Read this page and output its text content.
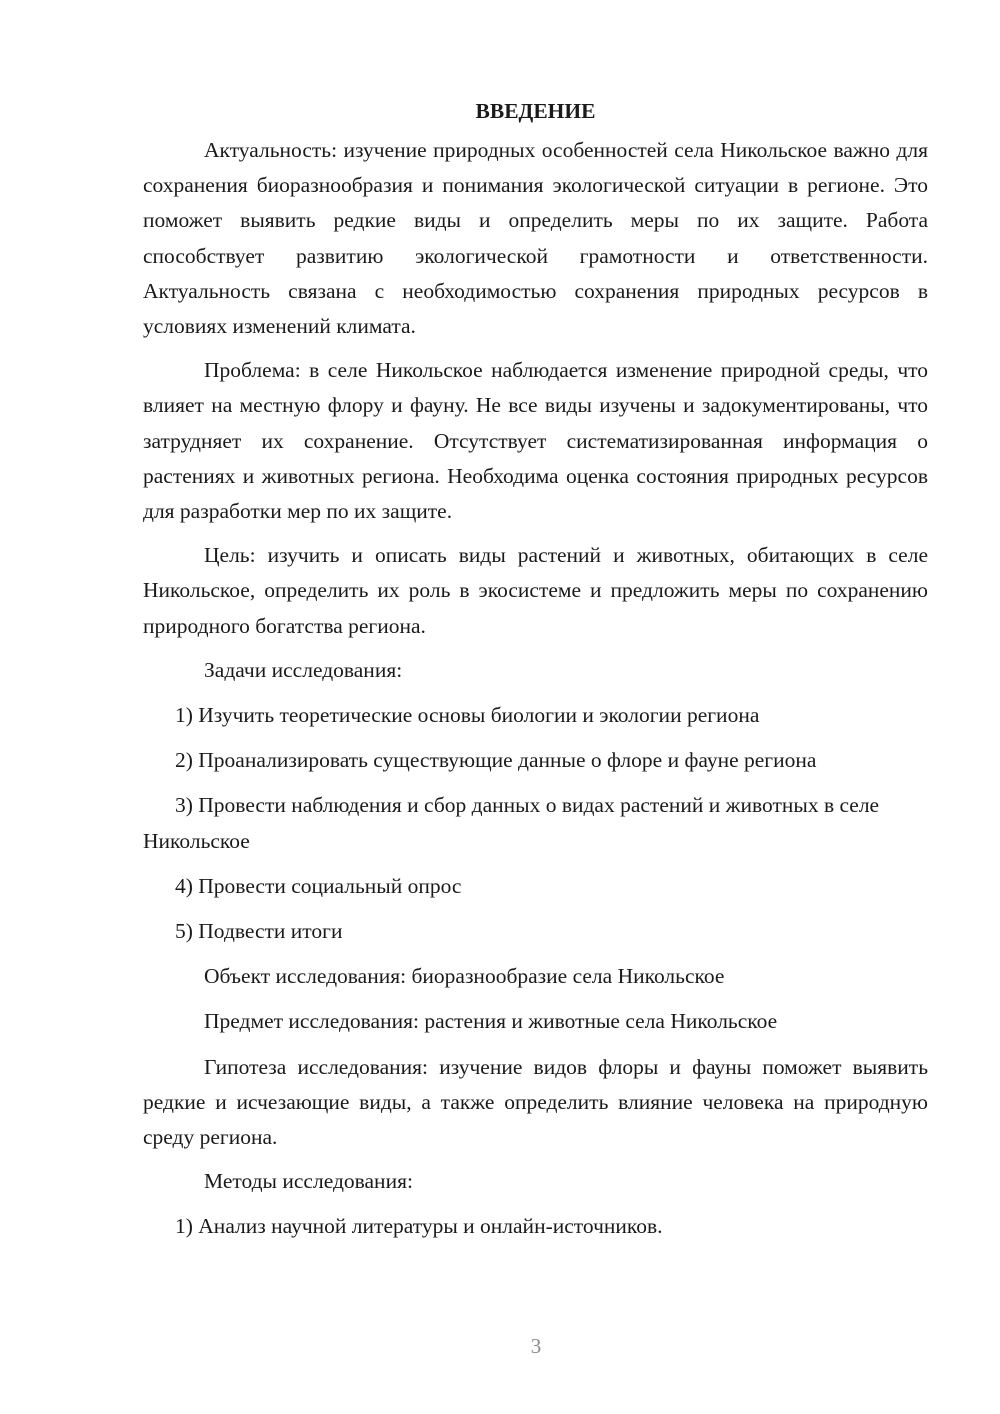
ВВЕДЕНИЕ

Актуальность: изучение природных особенностей села Никольское важно для сохранения биоразнообразия и понимания экологической ситуации в регионе. Это поможет выявить редкие виды и определить меры по их защите. Работа способствует развитию экологической грамотности и ответственности. Актуальность связана с необходимостью сохранения природных ресурсов в условиях изменений климата.

Проблема: в селе Никольское наблюдается изменение природной среды, что влияет на местную флору и фауну. Не все виды изучены и задокументированы, что затрудняет их сохранение. Отсутствует систематизированная информация о растениях и животных региона. Необходима оценка состояния природных ресурсов для разработки мер по их защите.

Цель: изучить и описать виды растений и животных, обитающих в селе Никольское, определить их роль в экосистеме и предложить меры по сохранению природного богатства региона.

Задачи исследования:

1) Изучить теоретические основы биологии и экологии региона

2) Проанализировать существующие данные о флоре и фауне региона

3) Провести наблюдения и сбор данных о видах растений и животных в селе Никольское

4) Провести социальный опрос

5) Подвести итоги

Объект исследования: биоразнообразие села Никольское

Предмет исследования: растения и животные села Никольское

Гипотеза исследования: изучение видов флоры и фауны поможет выявить редкие и исчезающие виды, а также определить влияние человека на природную среду региона.

Методы исследования:

1) Анализ научной литературы и онлайн-источников.

3
